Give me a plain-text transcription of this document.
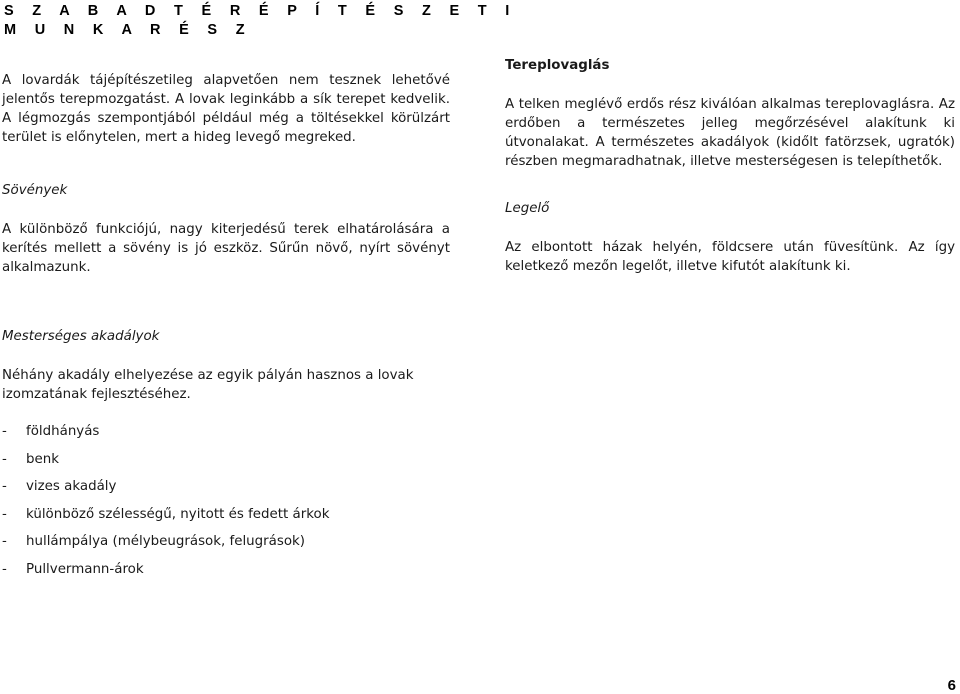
S Z A B A D T É R É P Í T É S Z E T I
M U N K A R É S Z

A lovardák tájépítészetileg alapvetően nem tesznek lehetővé jelentős terepmozgatást. A lovak leginkább a sík terepet kedvelik. A légmozgás szempontjából például még a töltésekkel körülzárt terület is előnytelen, mert a hideg levegő megreked.

Sövények

A különböző funkciójú, nagy kiterjedésű terek elhatárolására a kerítés mellett a sövény is jó eszköz. Sűrűn növő, nyírt sövényt alkalmazunk.

Tereplovaglás

A telken meglévő erdős rész kiválóan alkalmas tereplovaglásra. Az erdőben a természetes jelleg megőrzésével alakítunk ki útvonalakat. A természetes akadályok (kidőlt fatörzsek, ugratók) részben megmaradhatnak, illetve mesterségesen is telepíthetők.

Legelő

Az elbontott házak helyén, földcsere után füvesítünk. Az így keletkező mezőn legelőt, illetve kifutót alakítunk ki.

Mesterséges akadályok

Néhány akadály elhelyezése az egyik pályán hasznos a lovak izomzatának fejlesztéséhez.

-	földhányás
-	benk
-	vizes akadály
-	különböző szélességű, nyitott és fedett árkok
-	hullámpálya (mélybeugrások, felugrások)
-	Pullvermann-árok
6
